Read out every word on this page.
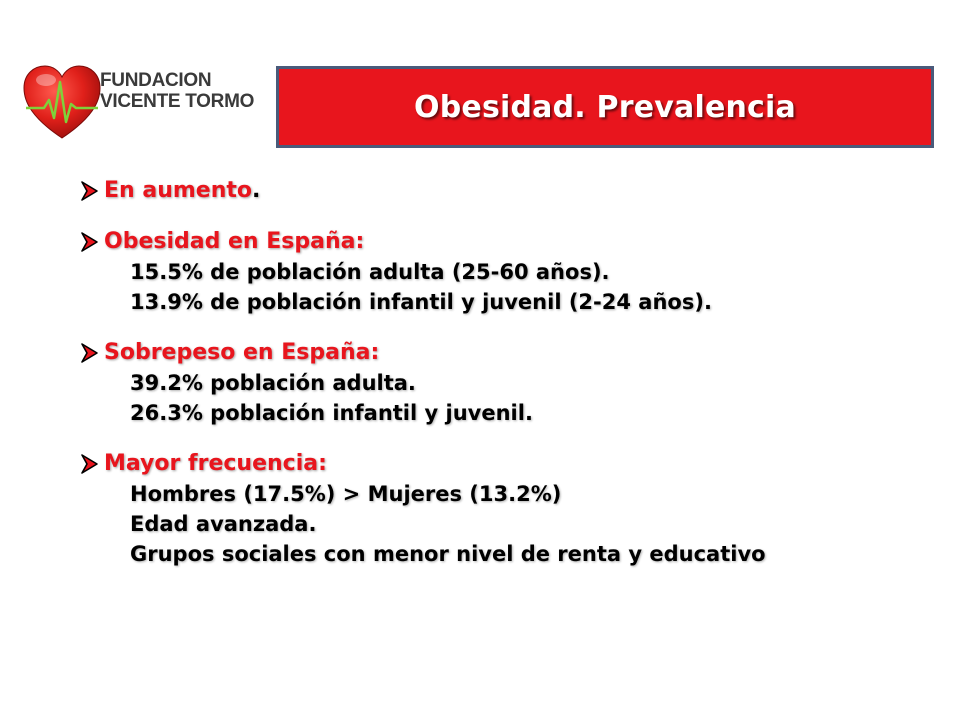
FUNDACION
VICENTE TORMO	Obesidad. Prevalencia
En aumento .
Obesidad en España:
15.5% de población adulta (25-60 años).
13.9% de población infantil y juvenil (2-24 años).
Sobrepeso en España:
39.2% población adulta.
26.3% población infantil y juvenil.
Mayor frecuencia:
Hombres (17.5%) > Mujeres (13.2%)
Edad avanzada.
Grupos sociales con menor nivel de renta y educativo
